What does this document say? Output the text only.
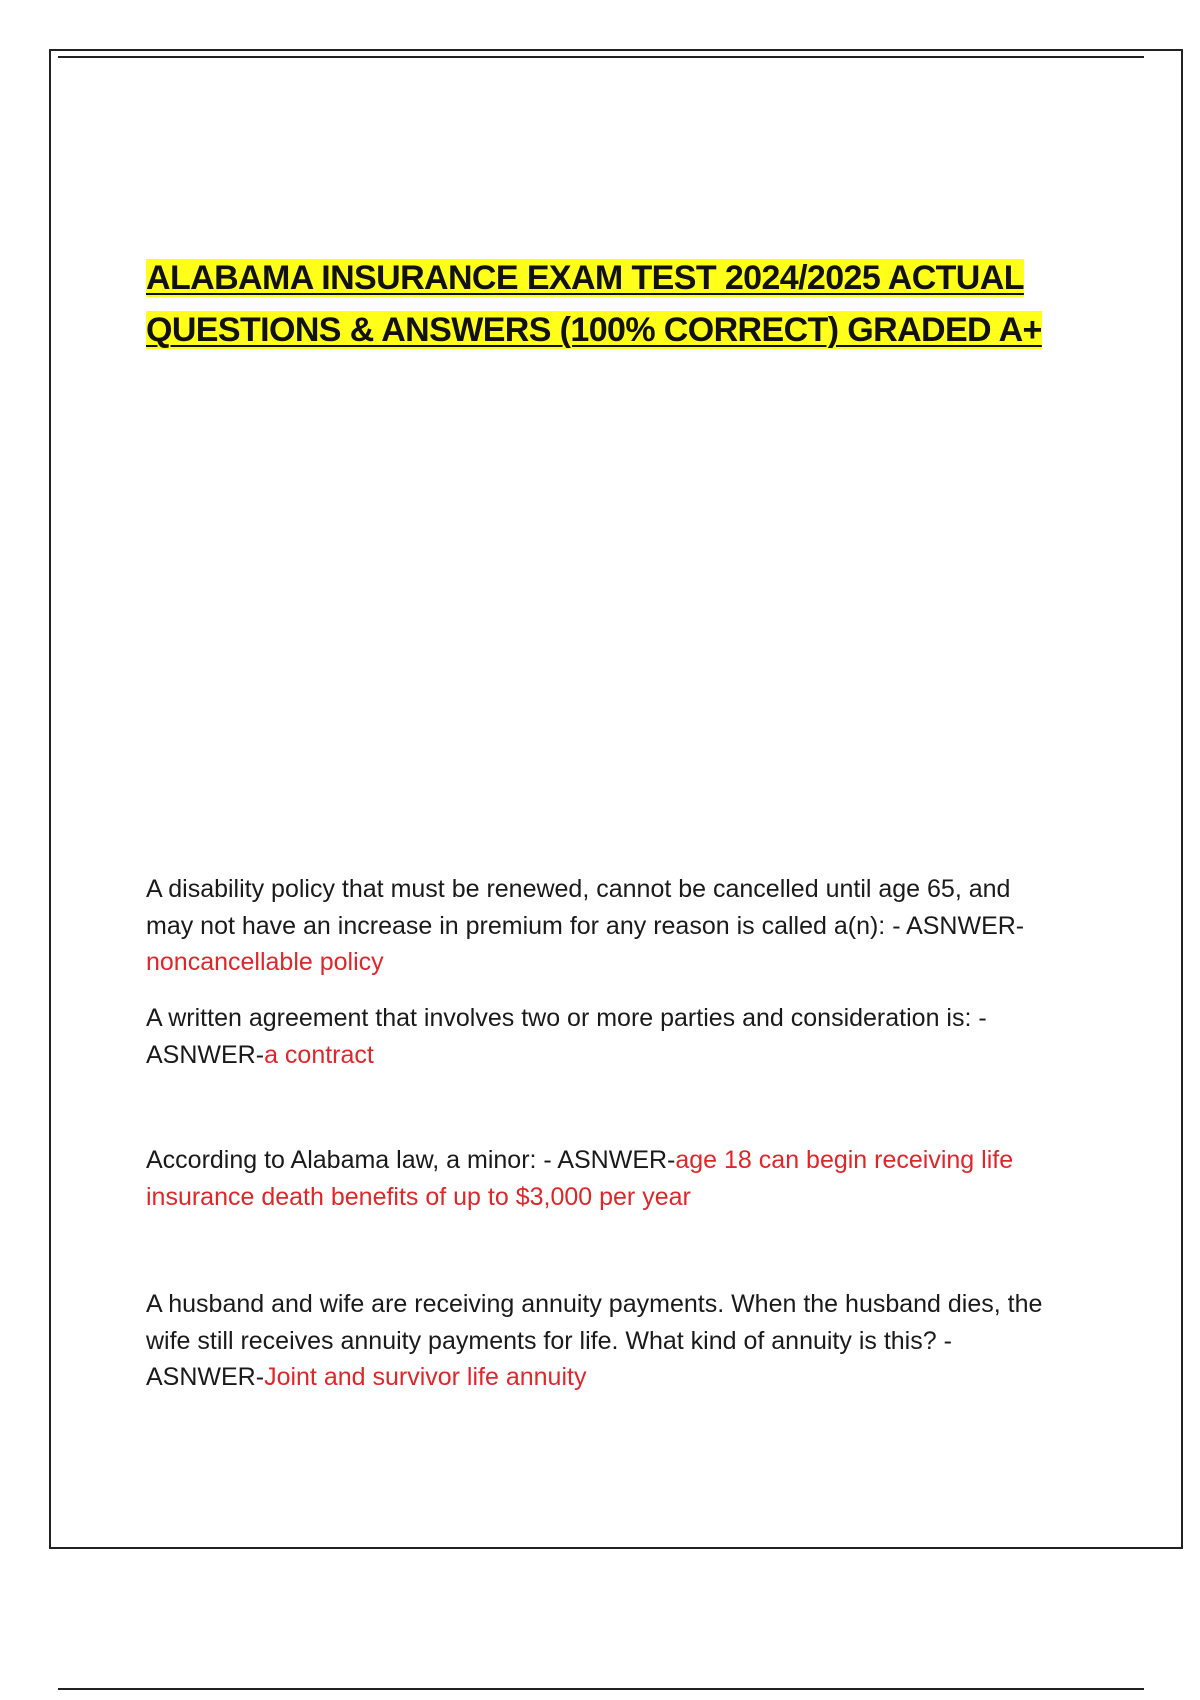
ALABAMA INSURANCE EXAM TEST 2024/2025 ACTUAL
QUESTIONS & ANSWERS (100% CORRECT) GRADED A+
A disability policy that must be renewed, cannot be cancelled until age 65, and
may not have an increase in premium for any reason is called a(n): - ASNWER-
noncancellable policy
A written agreement that involves two or more parties and consideration is: -
ASNWER-a contract
According to Alabama law, a minor: - ASNWER-age 18 can begin receiving life
insurance death benefits of up to $3,000 per year
A husband and wife are receiving annuity payments. When the husband dies, the
wife still receives annuity payments for life. What kind of annuity is this? -
ASNWER-Joint and survivor life annuity
